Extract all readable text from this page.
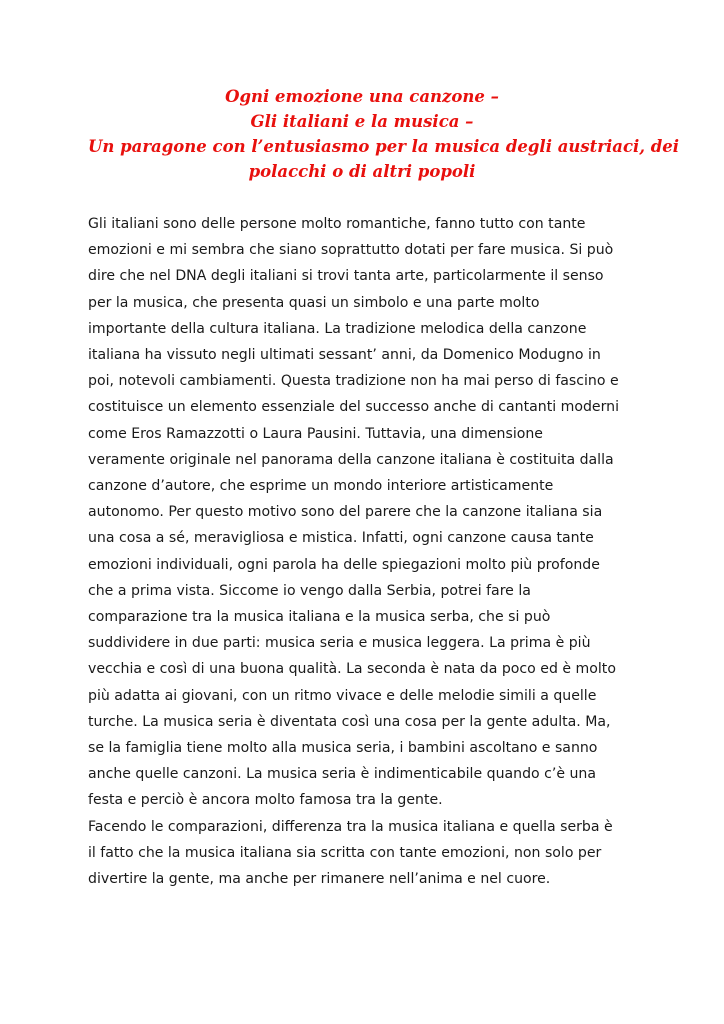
Ogni emozione una canzone –
Gli italiani e la musica –
Un paragone con l’entusiasmo per la musica degli austriaci, dei
polacchi o di altri popoli
Gli italiani sono delle persone molto romantiche, fanno tutto con tante
emozioni e mi sembra che siano soprattutto dotati per fare musica. Si può
dire che nel DNA degli italiani si trovi tanta arte, particolarmente il senso
per la musica, che presenta quasi un simbolo e una parte molto
importante della cultura italiana. La tradizione melodica della canzone
italiana ha vissuto negli ultimati sessant’ anni, da Domenico Modugno in
poi, notevoli cambiamenti. Questa tradizione non ha mai perso di fascino e
costituisce un elemento essenziale del successo anche di cantanti moderni
come Eros Ramazzotti o Laura Pausini. Tuttavia, una dimensione
veramente originale nel panorama della canzone italiana è costituita dalla
canzone d’autore, che esprime un mondo interiore artisticamente
autonomo. Per questo motivo sono del parere che la canzone italiana sia
una cosa a sé, meravigliosa e mistica. Infatti, ogni canzone causa tante
emozioni individuali, ogni parola ha delle spiegazioni molto più profonde
che a prima vista. Siccome io vengo dalla Serbia, potrei fare la
comparazione tra la musica italiana e la musica serba, che si può
suddividere in due parti: musica seria e musica leggera. La prima è più
vecchia e così di una buona qualità. La seconda è nata da poco ed è molto
più adatta ai giovani, con un ritmo vivace e delle melodie simili a quelle
turche. La musica seria è diventata così una cosa per la gente adulta. Ma,
se la famiglia tiene molto alla musica seria, i bambini ascoltano e sanno
anche quelle canzoni. La musica seria è indimenticabile quando c’è una
festa e perciò è ancora molto famosa tra la gente.
Facendo le comparazioni, differenza tra la musica italiana e quella serba è
il fatto che la musica italiana sia scritta con tante emozioni, non solo per
divertire la gente, ma anche per rimanere nell’anima e nel cuore.
